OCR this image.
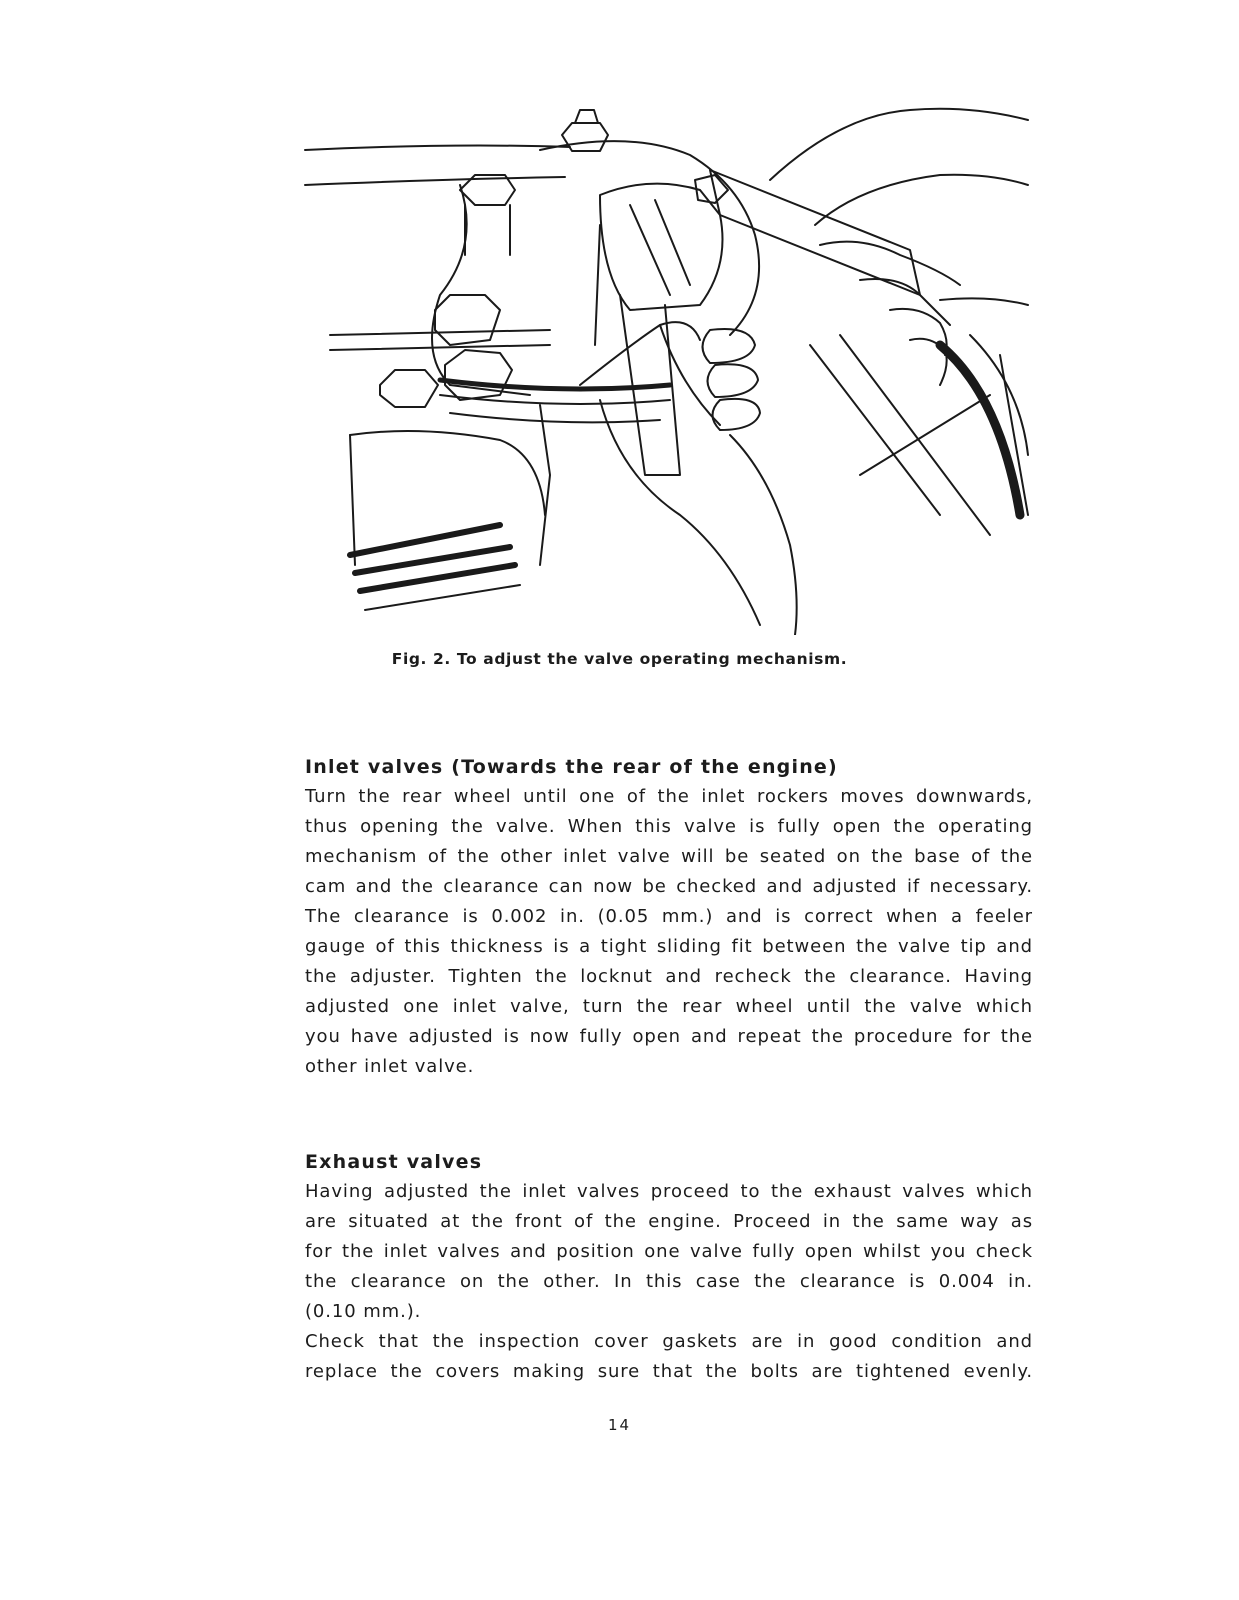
Fig. 2. To adjust the valve operating mechanism.
Inlet valves (Towards the rear of the engine)
Turn the rear wheel until one of the inlet rockers moves downwards,
thus opening the valve. When this valve is fully open the operating
mechanism of the other inlet valve will be seated on the base of the
cam and the clearance can now be checked and adjusted if necessary.
The clearance is 0.002 in. (0.05 mm.) and is correct when a feeler
gauge of this thickness is a tight sliding fit between the valve tip and
the adjuster. Tighten the locknut and recheck the clearance. Having
adjusted one inlet valve, turn the rear wheel until the valve which
you have adjusted is now fully open and repeat the procedure for the
other inlet valve.
Exhaust valves
Having adjusted the inlet valves proceed to the exhaust valves which
are situated at the front of the engine. Proceed in the same way as
for the inlet valves and position one valve fully open whilst you check
the clearance on the other. In this case the clearance is 0.004 in.
(0.10 mm.).
Check that the inspection cover gaskets are in good condition and
replace the covers making sure that the bolts are tightened evenly.
14
